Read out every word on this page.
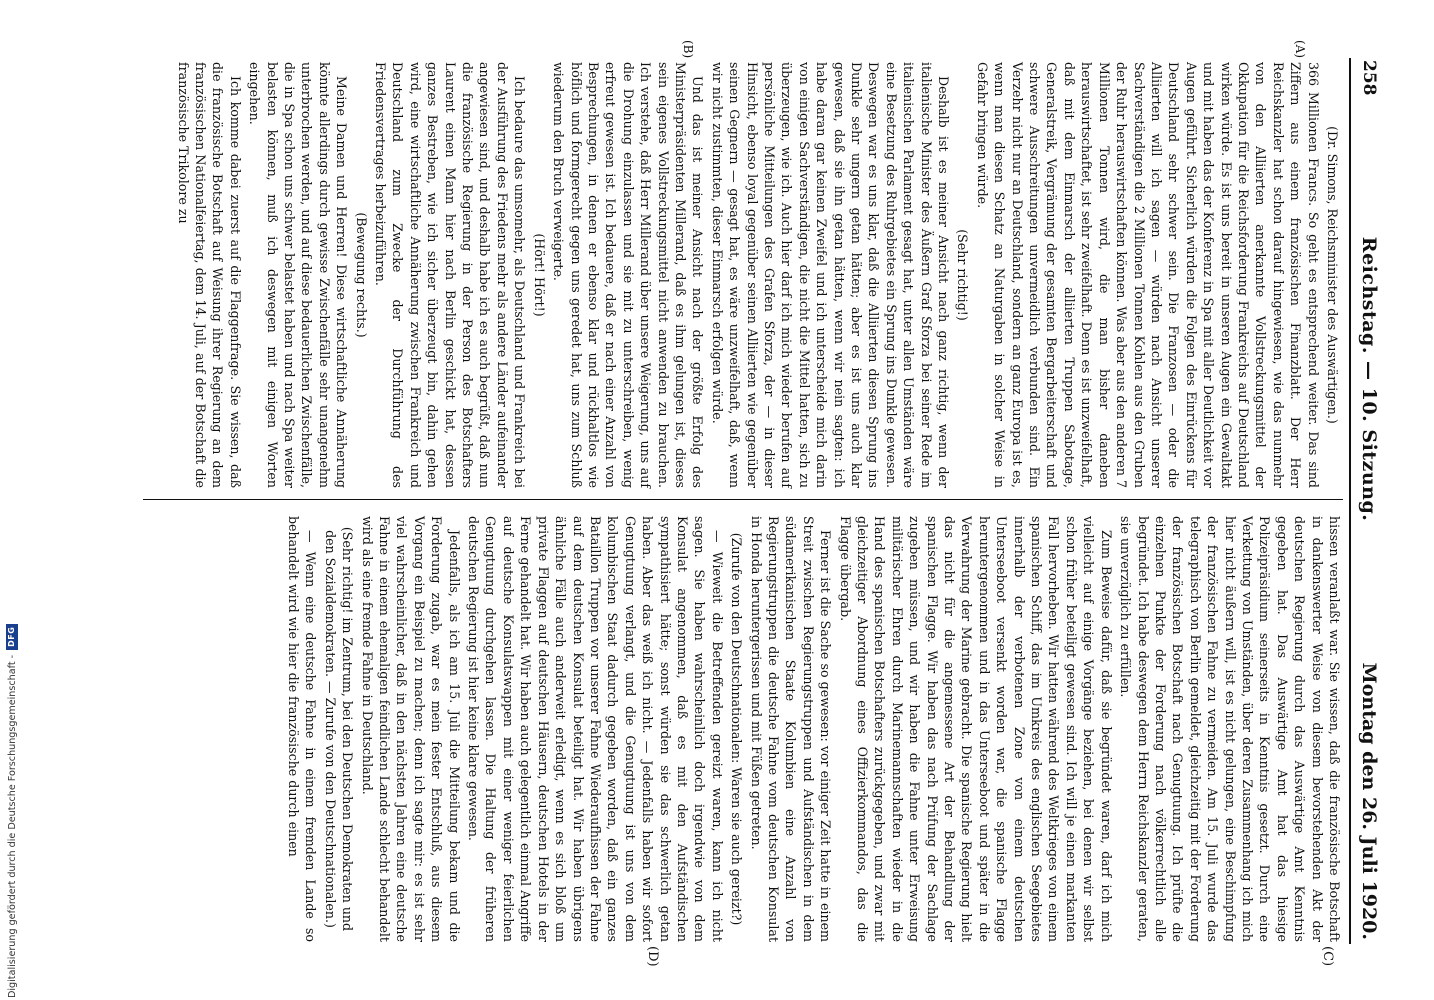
258
Reichstag. — 10. Sitzung.
Montag den 26. Juli 1920.
(A)
(B)
(C)
(D)

(Dr. Simons, Reichsminister des Auswärtigen.)

366 Millionen Francs. So geht es entsprechend weiter. Das sind Ziffern aus einem französischen Finanzblatt. Der Herr Reichskanzler hat schon darauf hingewiesen, wie das nunmehr von den Alliierten anerkannte Vollstreckungsmittel der Okkupation für die Reichsforderung Frankreichs auf Deutschland wirken würde. Es ist uns bereit in unseren Augen ein Gewaltakt und mit haben das der Konferenz in Spa mit aller Deutlichkeit vor Augen geführt. Sicherlich würden die Folgen des Einrückens für Deutschland sehr schwer sein. Die Franzosen — oder die Alliierten will ich sagen — würden nach Ansicht unserer Sachverständigen die 2 Millionen Tonnen Kohlen aus den Gruben der Ruhr herauswirtschaften können. Was aber aus den anderen 7 Millionen Tonnen wird, die man bisher daneben herauswirtschaftet, ist sehr zweifelhaft. Denn es ist unzweifelhaft, daß mit dem Einmarsch der alliierten Truppen Sabotage, Generalstreik, Vergrämung der gesamten Bergarbeiterschaft und schwere Ausschreitungen unvermeidlich verbunden sind. Ein Verzehr nicht nur an Deutschland, sondern an ganz Europa ist es, wenn man diesen Schatz an Naturgaben in solcher Weise in Gefahr bringen würde.

(Sehr richtig!)

Deshalb ist es meiner Ansicht nach ganz richtig, wenn der italienische Minister des Äußern Graf Sforza bei seiner Rede im italienischen Parlament gesagt hat, unter allen Umständen wäre eine Besetzung des Ruhrgebietes ein Sprung ins Dunkle gewesen. Deswegen war es uns klar, daß die Alliierten diesen Sprung ins Dunkle sehr ungern getan hätten; aber es ist uns auch klar gewesen, daß sie ihn getan hätten, wenn wir nein sagten: ich habe daran gar keinen Zweifel und ich unterscheide mich darin von einigen Sachverständigen, die nicht die Mittel hatten, sich zu überzeugen, wie ich. Auch hier darf ich mich wieder berufen auf persönliche Mitteilungen des Grafen Sforza, der — in dieser Hinsicht, ebenso loyal gegenüber seinen Alliierten wie gegenüber seinen Gegnern — gesagt hat, es wäre unzweifelhaft, daß, wenn wir nicht zustimmten, dieser Einmarsch erfolgen würde.

Und das ist meiner Ansicht nach der größte Erfolg des Ministerpräsidenten Millerand, daß es ihm gelungen ist, dieses sein eigenes Vollstreckungsmittel nicht anwenden zu brauchen. Ich verstehe, daß Herr Millerand über unsere Weigerung, uns auf die Drohung einzulassen und sie mit zu unterschreiben, wenig erfreut gewesen ist. Ich bedauere, daß er nach einer Anzahl von Besprechungen, in denen er ebenso klar und rückhaltlos wie höflich und formgerecht gegen uns geredet hat, uns zum Schluß wiederum den Bruch verweigerte.

(Hört! Hört!)

Ich bedaure das umsomehr, als Deutschland und Frankreich bei der Ausführung des Friedens mehr als andere Länder aufeinander angewiesen sind, und deshalb habe ich es auch begrüßt, daß nun die französische Regierung in der Person des Botschafters Laurent einen Mann hier nach Berlin geschickt hat, dessen ganzes Bestreben, wie ich sicher überzeugt bin, dahin gehen wird, eine wirtschaftliche Annäherung zwischen Frankreich und Deutschland zum Zwecke der Durchführung des Friedensvertrages herbeizuführen.

(Bewegung rechts.)

Meine Damen und Herren! Diese wirtschaftliche Annäherung könnte allerdings durch gewisse Zwischenfälle sehr unangenehm unterbrochen werden, und auf diese bedauerlichen Zwischenfälle, die in Spa schon uns schwer belastet haben und nach Spa weiter belasten können, muß ich deswegen mit einigen Worten eingehen.

Ich komme dabei zuerst auf die Flaggenfrage. Sie wissen, daß die französische Botschaft auf Weisung ihrer Regierung an dem französischen Nationalfeiertag, dem 14. Juli, auf der Botschaft die französische Trikolore zu

hissen veranlaßt war. Sie wissen, daß die französische Botschaft in dankenswerter Weise von diesem bevorstehenden Akt der deutschen Regierung durch das Auswärtige Amt Kenntnis gegeben hat. Das Auswärtige Amt hat das hiesige Polizeipräsidium seinerseits in Kenntnis gesetzt. Durch eine Verkettung von Umständen, über deren Zusammenhang ich mich hier nicht äußern will, ist es nicht gelungen, eine Beschimpfung der französischen Fahne zu vermeiden. Am 15. Juli wurde das telegraphisch von Berlin gemeldet, gleichzeitig mit der Forderung der französischen Botschaft nach Genugtuung. Ich prüfte die einzelnen Punkte der Forderung nach völkerrechtlich alle begründet. Ich habe deswegen dem Herrn Reichskanzler geraten, sie unverzüglich zu erfüllen.

Zum Beweise dafür, daß sie begründet waren, darf ich mich vielleicht auf einige Vorgänge beziehen, bei denen wir selbst schon früher beteiligt gewesen sind. Ich will je einen markanten Fall hervorheben. Wir hatten während des Weltkrieges von einem spanischen Schiff, das im Umkreis des englischen Seegebietes innerhalb der verbotenen Zone von einem deutschen Unterseeboot versenkt worden war, die spanische Flagge heruntergenommen und in das Unterseeboot und später in die Verwahrung der Marine gebracht. Die spanische Regierung hielt das nicht für die angemessene Art der Behandlung der spanischen Flagge. Wir haben das nach Prüfung der Sachlage zugeben müssen, und wir haben die Fahne unter Erweisung militärischer Ehren durch Marinemannschaften wieder in die Hand des spanischen Botschafters zurückgegeben, und zwar mit gleichzeitiger Abordnung eines Offizierkommandos, das die Flagge übergab.

Ferner ist die Sache so gewesen: vor einiger Zeit hatte in einem Streit zwischen Regierungstruppen und Aufständischen in dem südamerikanischen Staate Kolumbien eine Anzahl von Regierungstruppen die deutsche Fahne vom deutschen Konsulat in Honda heruntergerissen und mit Füßen getreten.

(Zurufe von den Deutschnationalen: Waren sie auch gereizt?)

— Wieweit die Betreffenden gereizt waren, kann ich nicht sagen. Sie haben wahrscheinlich doch irgendwie von dem Konsulat angenommen, daß es mit den Aufständischen sympathisiert hätte; sonst würden sie das schwerlich getan haben. Aber das weiß ich nicht. — Jedenfalls haben wir sofort Genugtuung verlangt, und die Genugtuung ist uns von dem kolumbischen Staat dadurch gegeben worden, daß ein ganzes Bataillon Truppen vor unserer Fahne Wiederaufhissen der Fahne auf dem deutschen Konsulat beteiligt hat. Wir haben übrigens ähnliche Fälle auch anderweit erledigt, wenn es sich bloß um private Flaggen auf deutschen Häusern, deutschen Hotels in der Ferne gehandelt hat. Wir haben auch gelegentlich einmal Angriffe auf deutsche Konsulatswappen mit einer weniger feierlichen Genugtuung durchgehen lassen. Die Haltung der früheren deutschen Regierung ist hier keine klare gewesen.

Jedenfalls, als ich am 15. Juli die Mitteilung bekam und die Forderung zugab, war es mein fester Entschluß, aus diesem Vorgang ein Beispiel zu machen; denn ich sagte mir: es ist sehr viel wahrscheinlicher, daß in den nächsten Jahren eine deutsche Fahne in einem ehemaligen feindlichen Lande schlecht behandelt wird als eine fremde Fahne in Deutschland.

(Sehr richtig! im Zentrum, bei den Deutschen Demokraten und den Sozialdemokraten. — Zurufe von den Deutschnationalen.)

— Wenn eine deutsche Fahne in einem fremden Lande so behandelt wird wie hier die französische durch einen

Digitalisierung gefördert durch die Deutsche Forschungsgemeinschaft -
DFG
